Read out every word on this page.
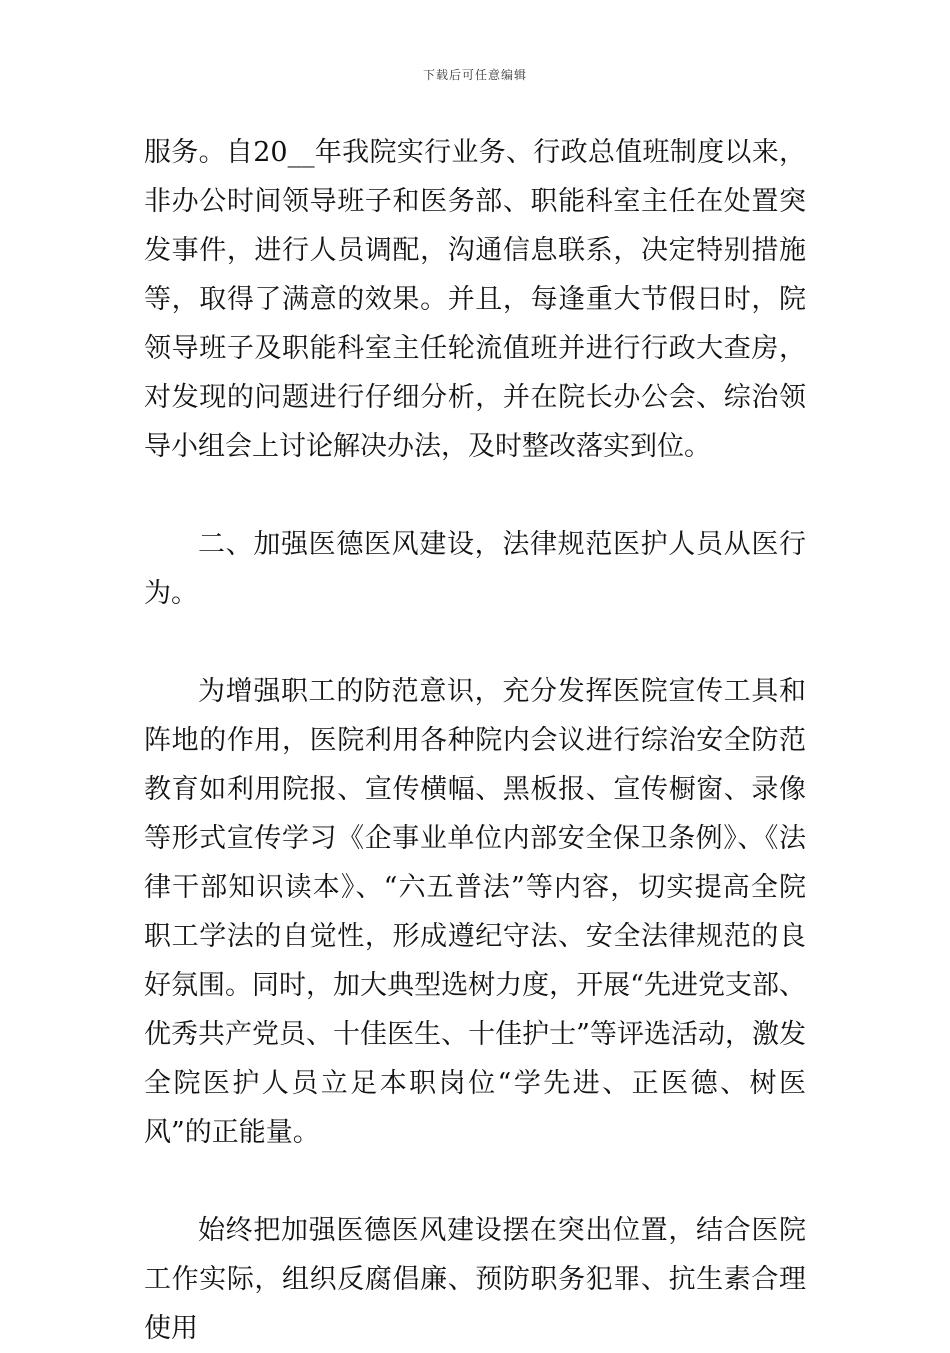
下载后可任意编辑

服务。自20__年我院实行业务、行政总值班制度以来，非办公时间领导班子和医务部、职能科室主任在处置突发事件，进行人员调配，沟通信息联系，决定特别措施等，取得了满意的效果。并且，每逢重大节假日时，院领导班子及职能科室主任轮流值班并进行行政大查房，对发现的问题进行仔细分析，并在院长办公会、综治领导小组会上讨论解决办法，及时整改落实到位。

二、加强医德医风建设，法律规范医护人员从医行为。

为增强职工的防范意识，充分发挥医院宣传工具和阵地的作用，医院利用各种院内会议进行综治安全防范教育如利用院报、宣传横幅、黑板报、宣传橱窗、录像等形式宣传学习《企事业单位内部安全保卫条例》、《法律干部知识读本》、“六五普法”等内容，切实提高全院职工学法的自觉性，形成遵纪守法、安全法律规范的良好氛围。同时，加大典型选树力度，开展“先进党支部、优秀共产党员、十佳医生、十佳护士”等评选活动，激发全院医护人员立足本职岗位“学先进、正医德、树医风”的正能量。

始终把加强医德医风建设摆在突出位置，结合医院工作实际，组织反腐倡廉、预防职务犯罪、抗生素合理使用
